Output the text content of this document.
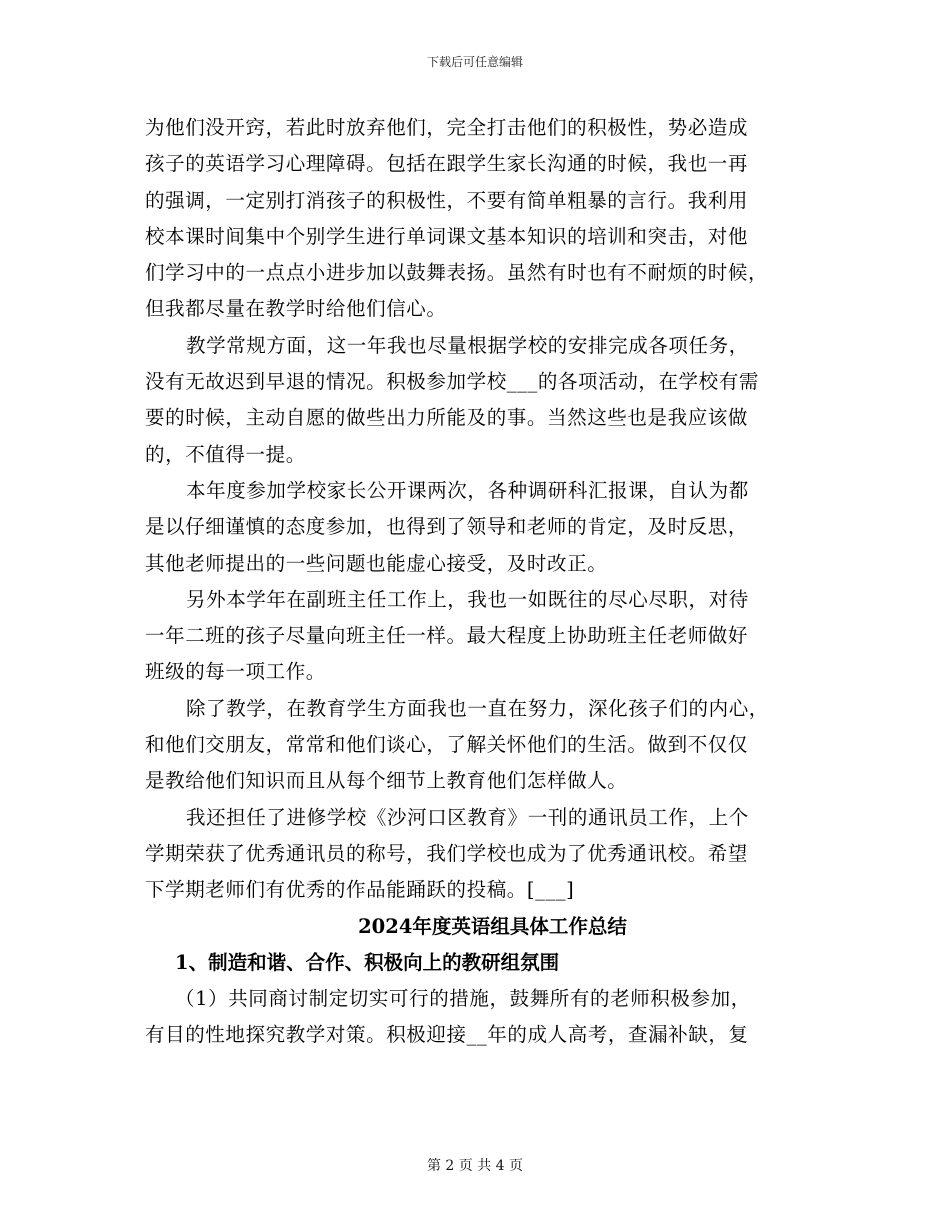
下载后可任意编辑
为他们没开窍，若此时放弃他们，完全打击他们的积极性，势必造成
孩子的英语学习心理障碍。包括在跟学生家长沟通的时候，我也一再
的强调，一定别打消孩子的积极性，不要有简单粗暴的言行。我利用
校本课时间集中个别学生进行单词课文基本知识的培训和突击，对他
们学习中的一点点小进步加以鼓舞表扬。虽然有时也有不耐烦的时候，
但我都尽量在教学时给他们信心。
教学常规方面，这一年我也尽量根据学校的安排完成各项任务，
没有无故迟到早退的情况。积极参加学校___的各项活动，在学校有需
要的时候，主动自愿的做些出力所能及的事。当然这些也是我应该做
的，不值得一提。
本年度参加学校家长公开课两次，各种调研科汇报课，自认为都
是以仔细谨慎的态度参加，也得到了领导和老师的肯定，及时反思，
其他老师提出的一些问题也能虚心接受，及时改正。
另外本学年在副班主任工作上，我也一如既往的尽心尽职，对待
一年二班的孩子尽量向班主任一样。最大程度上协助班主任老师做好
班级的每一项工作。
除了教学，在教育学生方面我也一直在努力，深化孩子们的内心，
和他们交朋友，常常和他们谈心，了解关怀他们的生活。做到不仅仅
是教给他们知识而且从每个细节上教育他们怎样做人。
我还担任了进修学校《沙河口区教育》一刊的通讯员工作，上个
学期荣获了优秀通讯员的称号，我们学校也成为了优秀通讯校。希望
下学期老师们有优秀的作品能踊跃的投稿。[___]
2024年度英语组具体工作总结
1、制造和谐、合作、积极向上的教研组氛围
（1）共同商讨制定切实可行的措施，鼓舞所有的老师积极参加，
有目的性地探究教学对策。积极迎接__年的成人高考，查漏补缺，复
第 2 页 共 4 页
